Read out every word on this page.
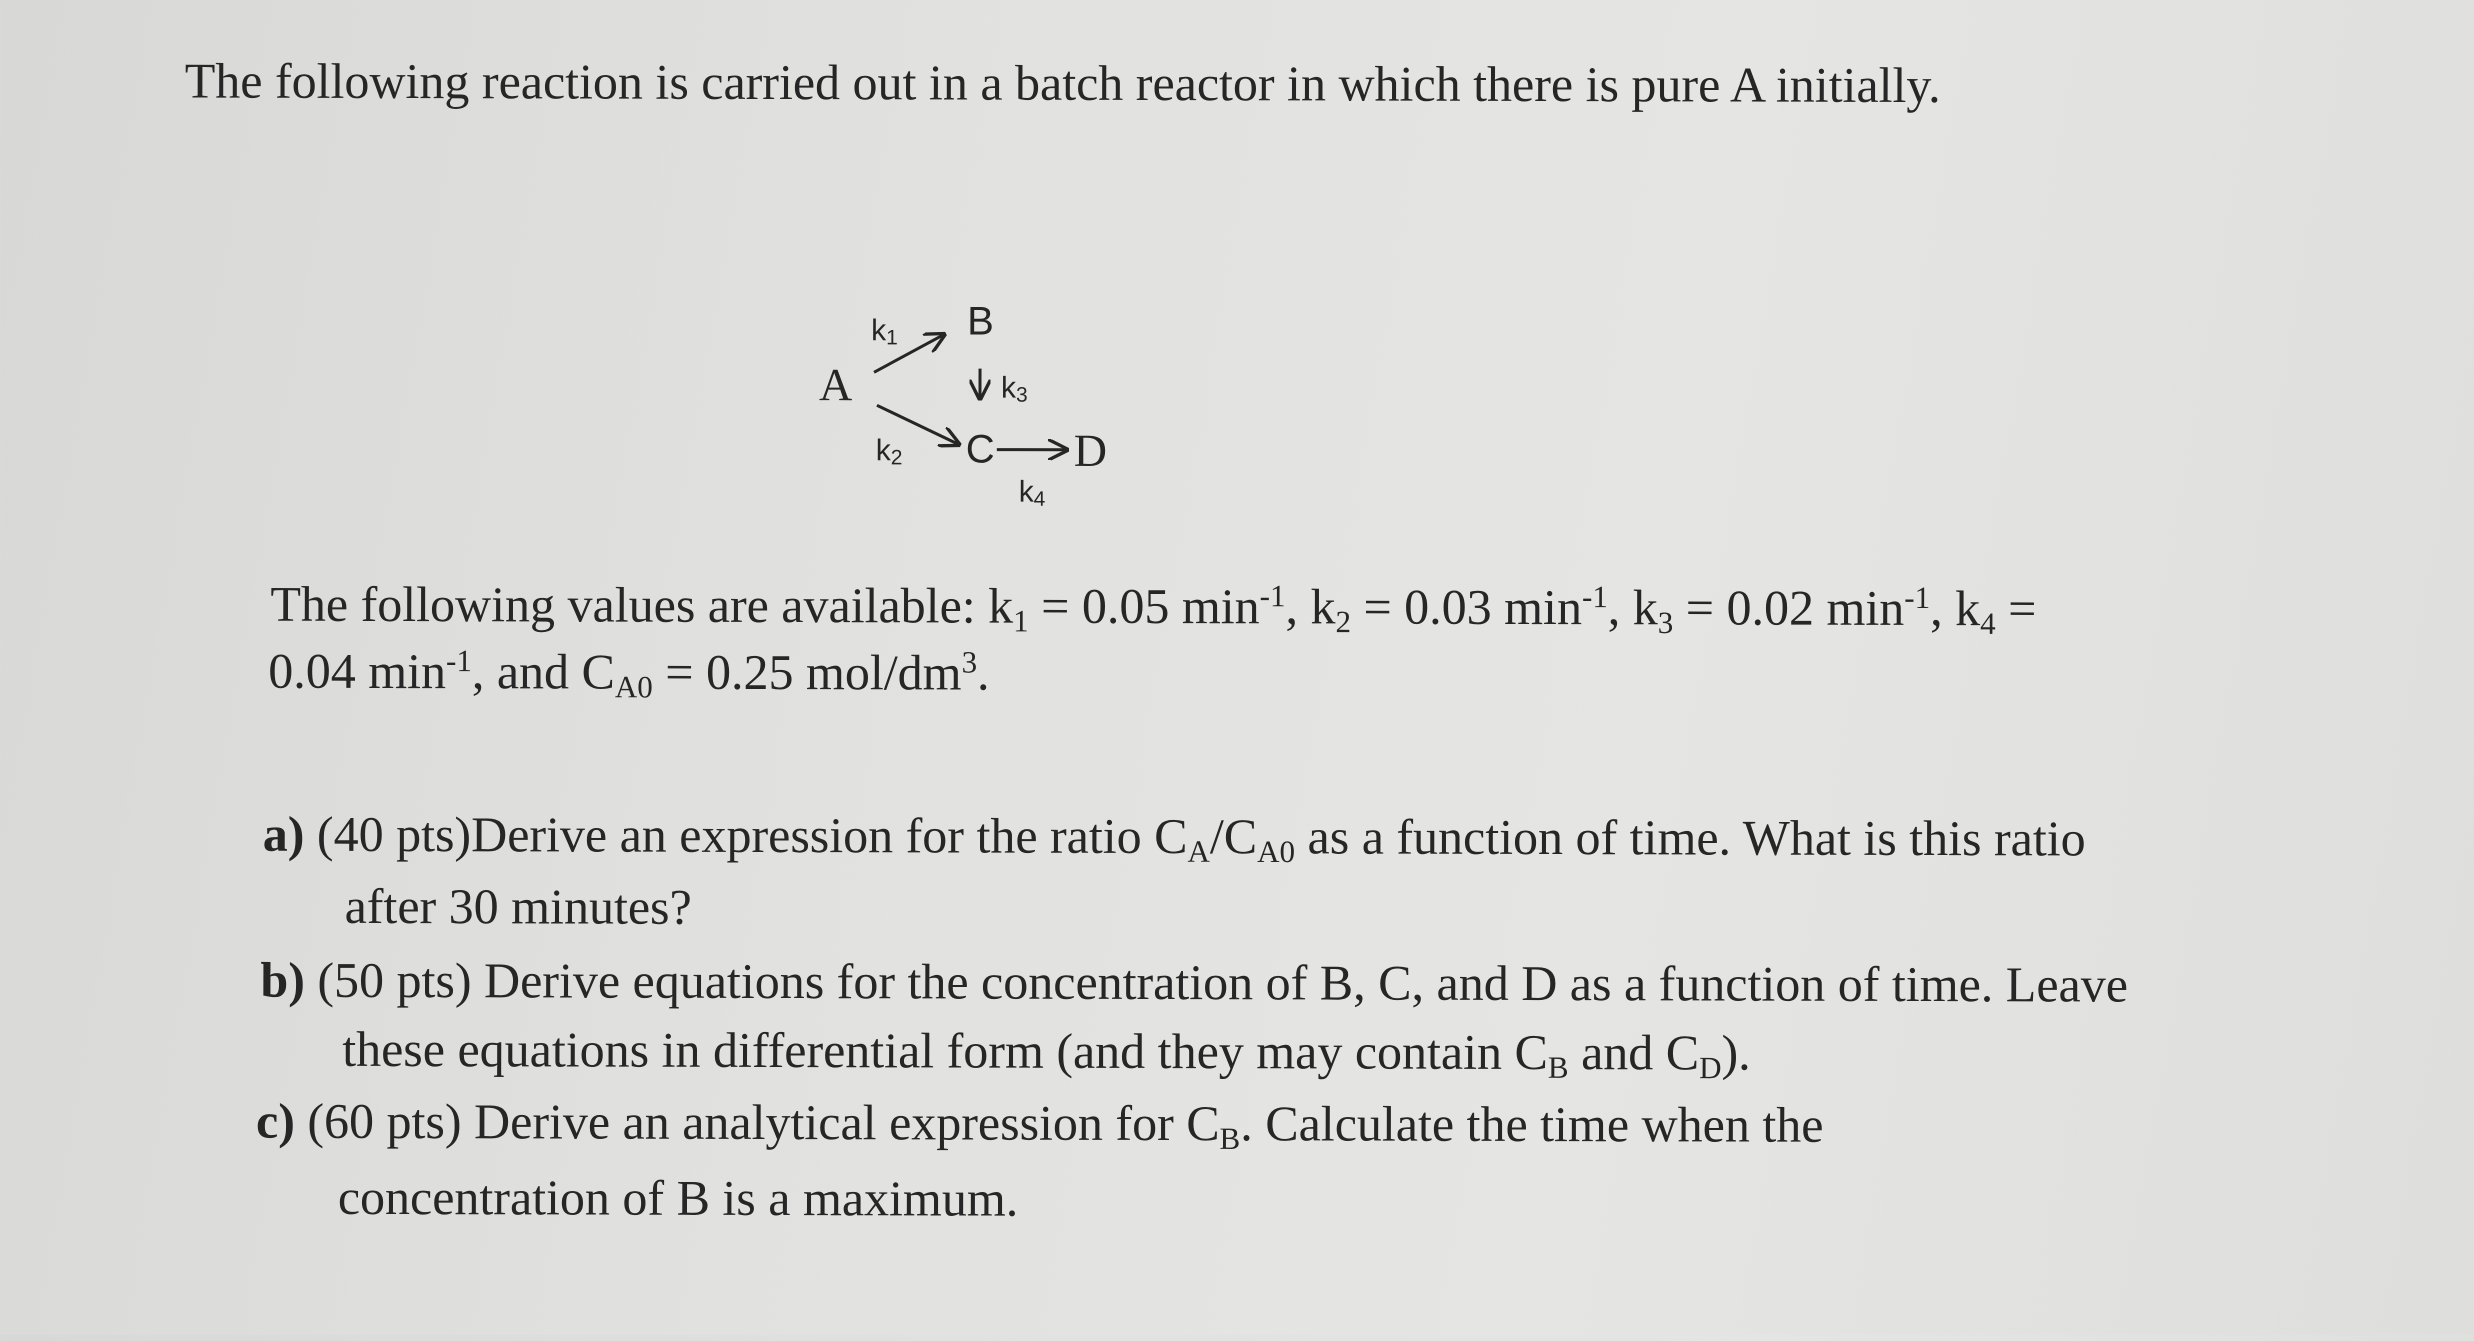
The following reaction is carried out in a batch reactor in which there is pure A initially.
A
k1 B
k3
k2 C D
k4
The following values are available: $k_1 = 0.05$ $\min^{-1}$, $k_2 = 0.03$ $\min^{-1}$, $k_3 = 0.02$ $\min^{-1}$, $k_4$ =
0.04 $\min^{-1}$, and $C_{A0} = 0.25$ mol/$dm^3$.
a) (40 pts)Derive an expression for the ratio $C_A/C_{A0}$ as a function of time. What is this ratio
after 30 minutes?
b) (50 pts) Derive equations for the concentration of B, C, and D as a function of time. Leave
these equations in differential form (and they may contain $C_B$ and $C_D$).
c) (60 pts) Derive an analytical expression for $C_B$. Calculate the time when the
concentration of B is a maximum.
